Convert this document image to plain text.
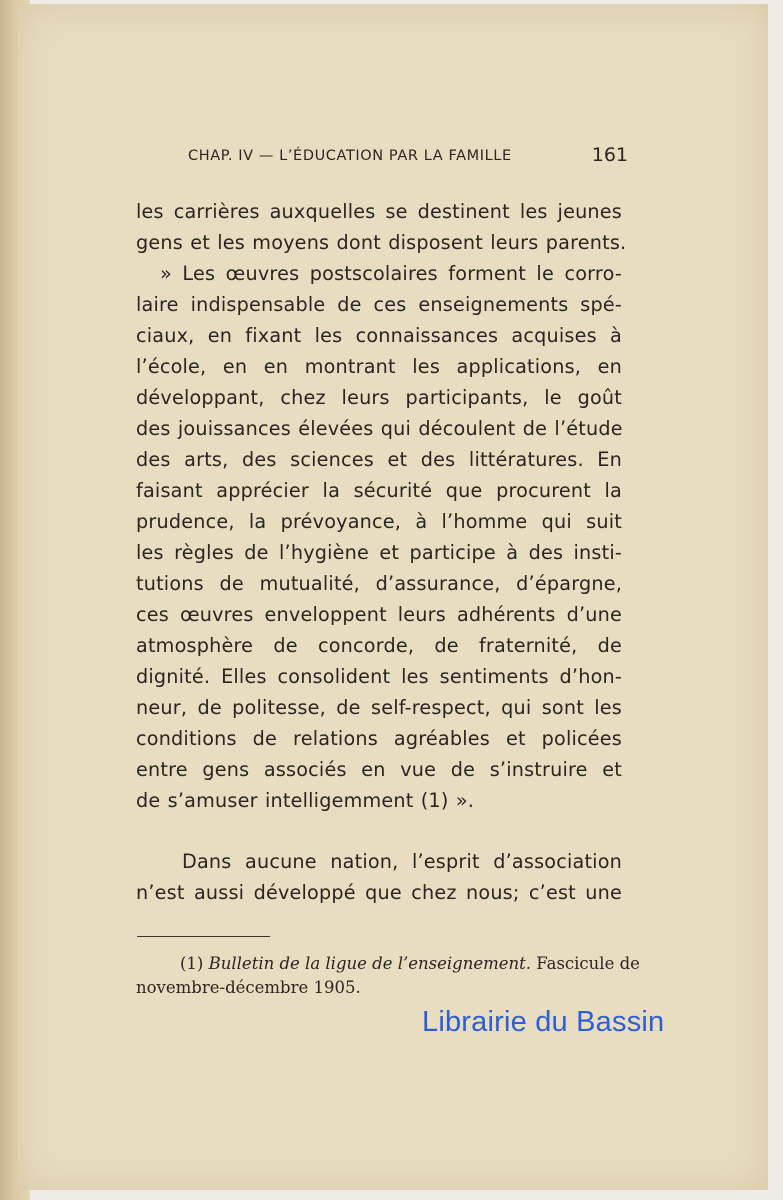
CHAP. IV — L’ÉDUCATION PAR LA FAMILLE	161
les carrières auxquelles se destinent les jeunes
gens et les moyens dont disposent leurs parents.
» Les œuvres postscolaires forment le corro-
laire indispensable de ces enseignements spé-
ciaux, en fixant les connaissances acquises à
l’école, en en montrant les applications, en
développant, chez leurs participants, le goût
des jouissances élevées qui découlent de l’étude
des arts, des sciences et des littératures. En
faisant apprécier la sécurité que procurent la
prudence, la prévoyance, à l’homme qui suit
les règles de l’hygiène et participe à des insti-
tutions de mutualité, d’assurance, d’épargne,
ces œuvres enveloppent leurs adhérents d’une
atmosphère de concorde, de fraternité, de
dignité. Elles consolident les sentiments d’hon-
neur, de politesse, de self-respect, qui sont les
conditions de relations agréables et policées
entre gens associés en vue de s’instruire et
de s’amuser intelligemment (1) ».
Dans aucune nation, l’esprit d’association
n’est aussi développé que chez nous; c’est une
(1) Bulletin de la ligue de l’enseignement. Fascicule de
novembre-décembre 1905.
Librairie du Bassin
